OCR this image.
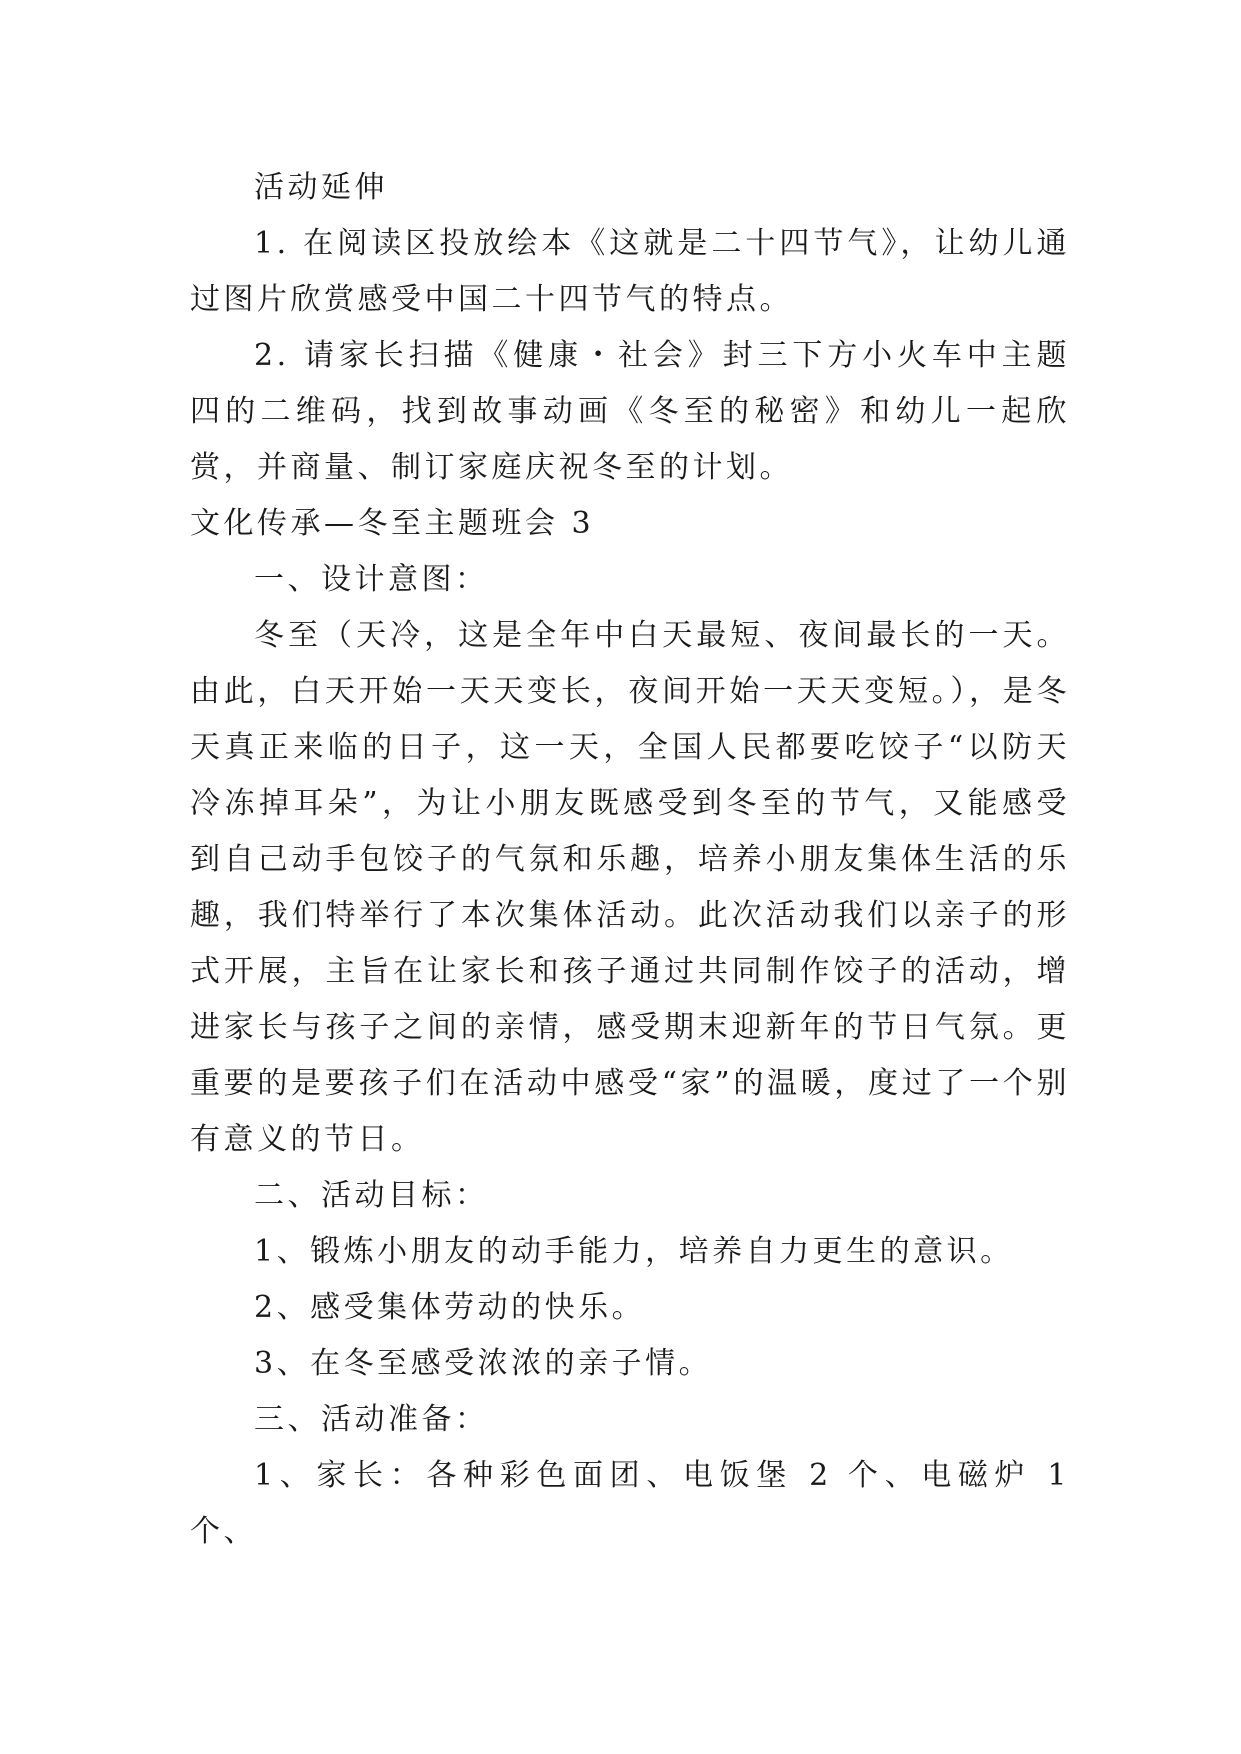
活动延伸

1. 在阅读区投放绘本《这就是二十四节气》，让幼儿通过图片欣赏感受中国二十四节气的特点。

2. 请家长扫描《健康・社会》封三下方小火车中主题四的二维码，找到故事动画《冬至的秘密》和幼儿一起欣赏，并商量、制订家庭庆祝冬至的计划。

文化传承—冬至主题班会 3

一、设计意图：

冬至（天冷，这是全年中白天最短、夜间最长的一天。由此，白天开始一天天变长，夜间开始一天天变短。），是冬天真正来临的日子，这一天，全国人民都要吃饺子“以防天冷冻掉耳朵”，为让小朋友既感受到冬至的节气，又能感受到自己动手包饺子的气氛和乐趣，培养小朋友集体生活的乐趣，我们特举行了本次集体活动。此次活动我们以亲子的形式开展，主旨在让家长和孩子通过共同制作饺子的活动，增进家长与孩子之间的亲情，感受期末迎新年的节日气氛。更重要的是要孩子们在活动中感受“家”的温暖，度过了一个别有意义的节日。

二、活动目标：

1、锻炼小朋友的动手能力，培养自力更生的意识。

2、感受集体劳动的快乐。

3、在冬至感受浓浓的亲子情。

三、活动准备：

1、家长：各种彩色面团、电饭堡 2 个、电磁炉 1 个、
